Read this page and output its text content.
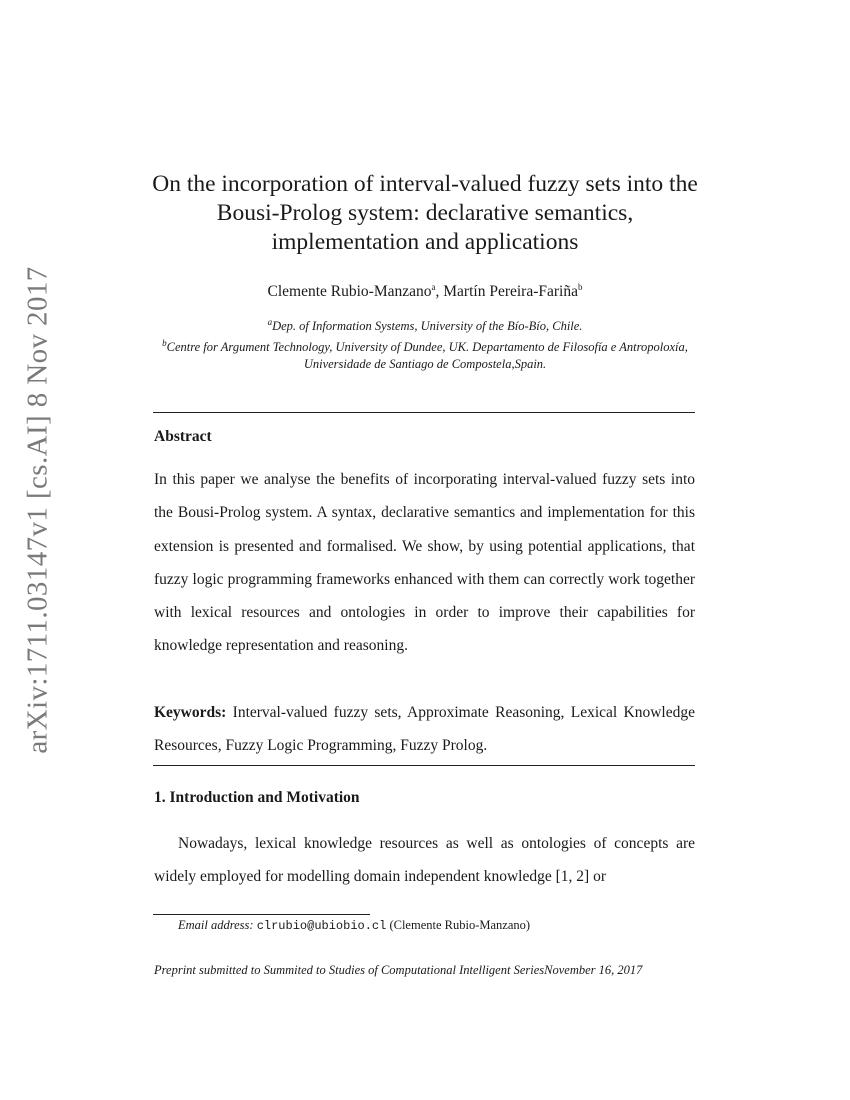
arXiv:1711.03147v1 [cs.AI] 8 Nov 2017
On the incorporation of interval-valued fuzzy sets into the Bousi-Prolog system: declarative semantics, implementation and applications
Clemente Rubio-Manzano$^a$, Martín Pereira-Fariña$^b$
$^a$Dep. of Information Systems, University of the Bío-Bío, Chile.
$^b$Centre for Argument Technology, University of Dundee, UK. Departamento de Filosofía e Antropoloxía, Universidade de Santiago de Compostela,Spain.
Abstract
In this paper we analyse the benefits of incorporating interval-valued fuzzy sets into the Bousi-Prolog system. A syntax, declarative semantics and implementation for this extension is presented and formalised. We show, by using potential applications, that fuzzy logic programming frameworks enhanced with them can correctly work together with lexical resources and ontologies in order to improve their capabilities for knowledge representation and reasoning.
Keywords: Interval-valued fuzzy sets, Approximate Reasoning, Lexical Knowledge Resources, Fuzzy Logic Programming, Fuzzy Prolog.
1. Introduction and Motivation
Nowadays, lexical knowledge resources as well as ontologies of concepts are widely employed for modelling domain independent knowledge [1, 2] or
Email address: clrubio@ubiobio.cl (Clemente Rubio-Manzano)
Preprint submitted to Summited to Studies of Computational Intelligent SeriesNovember 16, 2017
